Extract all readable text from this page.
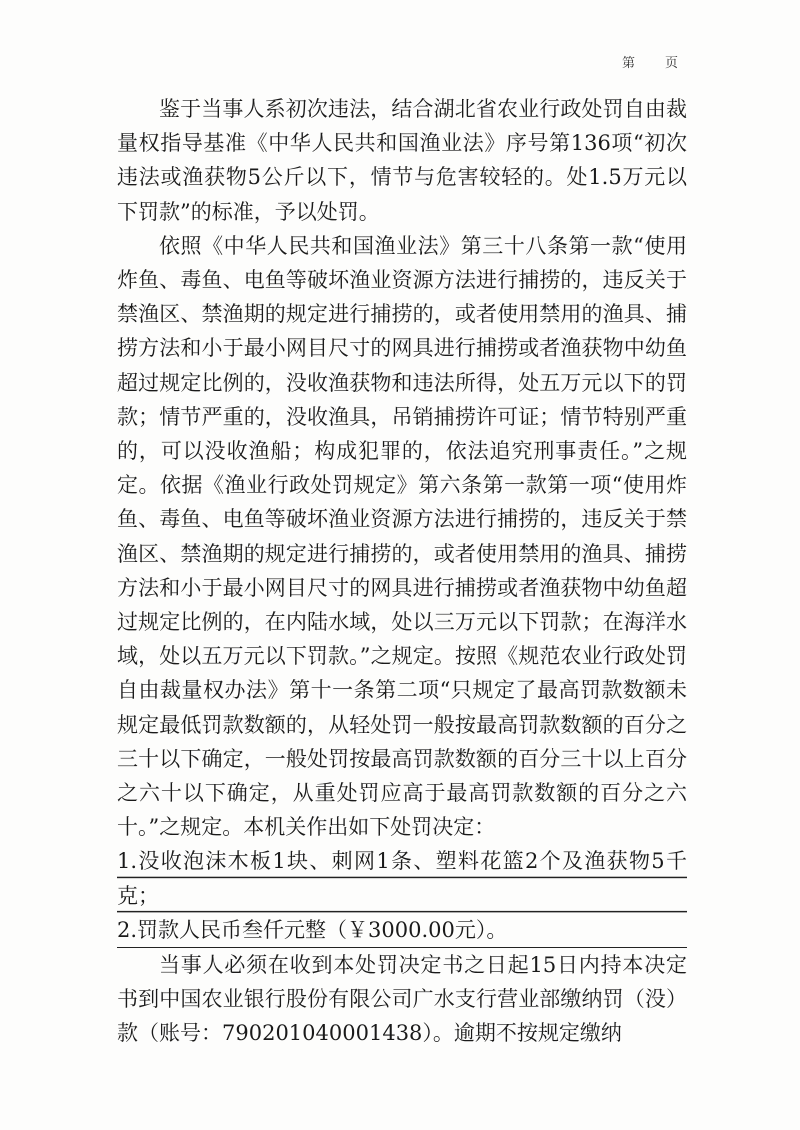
第页

鉴于当事人系初次违法，结合湖北省农业行政处罚自由裁量权指导基准《中华人民共和国渔业法》序号第136项“初次违法或渔获物5公斤以下，情节与危害较轻的。处1.5万元以下罚款”的标准，予以处罚。

依照《中华人民共和国渔业法》第三十八条第一款“使用炸鱼、毒鱼、电鱼等破坏渔业资源方法进行捕捞的，违反关于禁渔区、禁渔期的规定进行捕捞的，或者使用禁用的渔具、捕捞方法和小于最小网目尺寸的网具进行捕捞或者渔获物中幼鱼超过规定比例的，没收渔获物和违法所得，处五万元以下的罚款；情节严重的，没收渔具，吊销捕捞许可证；情节特别严重的，可以没收渔船；构成犯罪的，依法追究刑事责任。”之规定。依据《渔业行政处罚规定》第六条第一款第一项“使用炸鱼、毒鱼、电鱼等破坏渔业资源方法进行捕捞的，违反关于禁渔区、禁渔期的规定进行捕捞的，或者使用禁用的渔具、捕捞方法和小于最小网目尺寸的网具进行捕捞或者渔获物中幼鱼超过规定比例的，在内陆水域，处以三万元以下罚款；在海洋水域，处以五万元以下罚款。”之规定。按照《规范农业行政处罚自由裁量权办法》第十一条第二项“只规定了最高罚款数额未规定最低罚款数额的，从轻处罚一般按最高罚款数额的百分之三十以下确定，一般处罚按最高罚款数额的百分三十以上百分之六十以下确定，从重处罚应高于最高罚款数额的百分之六十。”之规定。本机关作出如下处罚决定：

1.没收泡沫木板1块、刺网1条、塑料花篮2个及渔获物5千克；

2.罚款人民币叁仟元整（￥3000.00元）。

当事人必须在收到本处罚决定书之日起15日内持本决定书到中国农业银行股份有限公司广水支行营业部缴纳罚（没）款（账号：790201040001438）。逾期不按规定缴纳
